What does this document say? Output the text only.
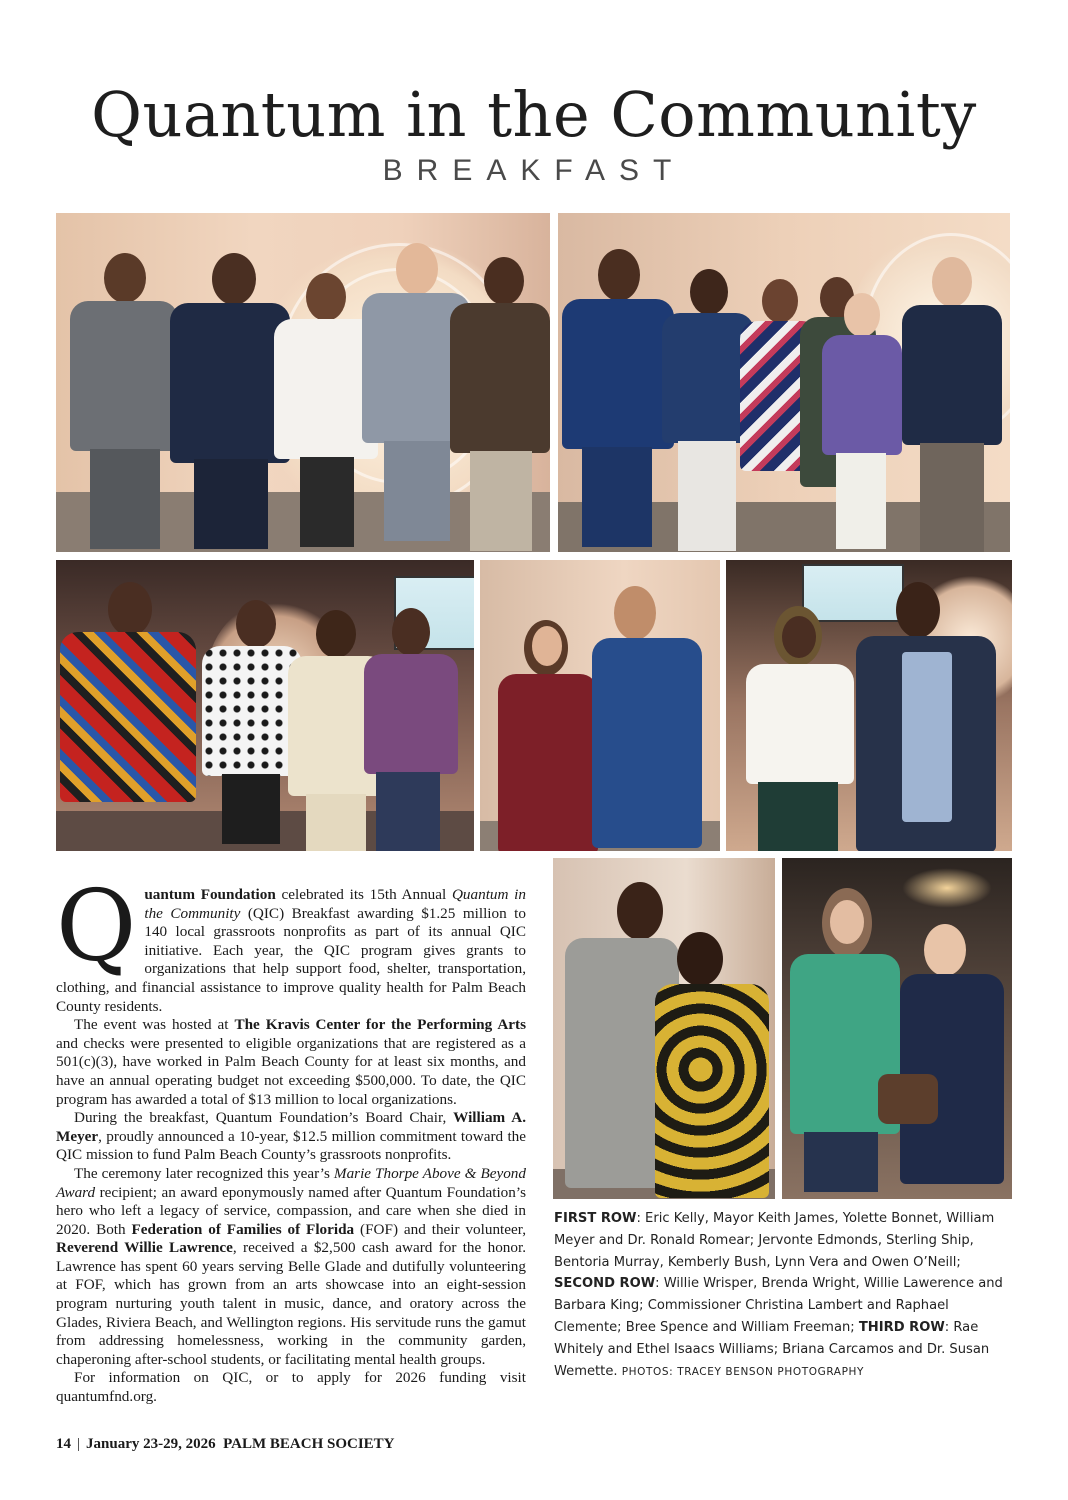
Quantum in the Community
BREAKFAST

Quantum Foundation celebrated its 15th Annual Quantum in the Community (QIC) Breakfast awarding $1.25 million to 140 local grassroots nonprofits as part of its annual QIC initiative. Each year, the QIC program gives grants to organizations that help support food, shelter, transportation, clothing, and financial assistance to improve quality health for Palm Beach County residents.

The event was hosted at The Kravis Center for the Performing Arts and checks were presented to eligible organizations that are registered as a 501(c)(3), have worked in Palm Beach County for at least six months, and have an annual operating budget not exceeding $500,000. To date, the QIC program has awarded a total of $13 million to local organizations.

During the breakfast, Quantum Foundation’s Board Chair, William A. Meyer, proudly announced a 10-year, $12.5 million commitment toward the QIC mission to fund Palm Beach County’s grassroots nonprofits.

The ceremony later recognized this year’s Marie Thorpe Above & Beyond Award recipient; an award eponymously named after Quantum Foundation’s hero who left a legacy of service, compassion, and care when she died in 2020. Both Federation of Families of Florida (FOF) and their volunteer, Reverend Willie Lawrence, received a $2,500 cash award for the honor. Lawrence has spent 60 years serving Belle Glade and dutifully volunteering at FOF, which has grown from an arts showcase into an eight-session program nurturing youth talent in music, dance, and oratory across the Glades, Riviera Beach, and Wellington regions. His servitude runs the gamut from addressing homelessness, working in the community garden, chaperoning after-school students, or facilitating mental health groups.

For information on QIC, or to apply for 2026 funding visit quantumfnd.org.

FIRST ROW: Eric Kelly, Mayor Keith James, Yolette Bonnet, William Meyer and Dr. Ronald Romear; Jervonte Edmonds, Sterling Ship, Bentoria Murray, Kemberly Bush, Lynn Vera and Owen O’Neill; SECOND ROW: Willie Wrisper, Brenda Wright, Willie Lawerence and Barbara King; Commissioner Christina Lambert and Raphael Clemente; Bree Spence and William Freeman; THIRD ROW: Rae Whitely and Ethel Isaacs Williams; Briana Carcamos and Dr. Susan Wemette. PHOTOS: TRACEY BENSON PHOTOGRAPHY
14 | January 23-29, 2026 PALM BEACH SOCIETY
